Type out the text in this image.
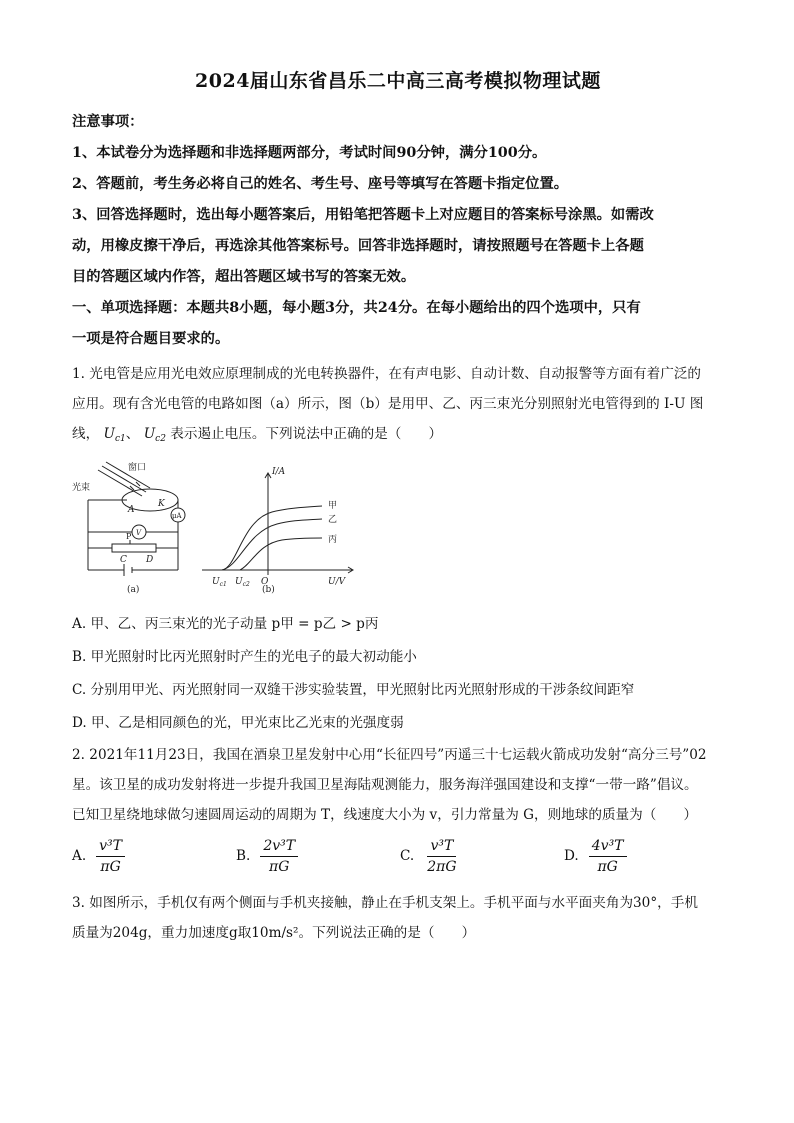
2024届山东省昌乐二中高三高考模拟物理试题

注意事项：

1、本试卷分为选择题和非选择题两部分，考试时间90分钟，满分100分。

2、答题前，考生务必将自己的姓名、考生号、座号等填写在答题卡指定位置。

3、回答选择题时，选出每小题答案后，用铅笔把答题卡上对应题目的答案标号涂黑。如需改

动，用橡皮擦干净后，再选涂其他答案标号。回答非选择题时，请按照题号在答题卡上各题

目的答题区域内作答，超出答题区域书写的答案无效。

一、单项选择题：本题共8小题，每小题3分，共24分。在每小题给出的四个选项中，只有

一项是符合题目要求的。

1. 光电管是应用光电效应原理制成的光电转换器件，在有声电影、自动计数、自动报警等方面有着广泛的

应用。现有含光电管的电路如图（a）所示，图（b）是用甲、乙、丙三束光分别照射光电管得到的 I-U 图

线， $U_{c1}$、 $U_{c2}$ 表示遏止电压。下列说法中正确的是（　　）

窗口
光束
A
K
μA
V
P
C D
(a)	(b)
I/A
U/V
甲
乙
丙
$U_{c1}$ $U_{c2}$ O

A. 甲、乙、丙三束光的光子动量 p甲 = p乙 > p丙

B. 甲光照射时比丙光照射时产生的光电子的最大初动能小

C. 分别用甲光、丙光照射同一双缝干涉实验装置，甲光照射比丙光照射形成的干涉条纹间距窄

D. 甲、乙是相同颜色的光，甲光束比乙光束的光强度弱

2. 2021年11月23日，我国在酒泉卫星发射中心用“长征四号”丙遥三十七运载火箭成功发射“高分三号”02

星。该卫星的成功发射将进一步提升我国卫星海陆观测能力，服务海洋强国建设和支撑“一带一路”倡议。

已知卫星绕地球做匀速圆周运动的周期为 T，线速度大小为 v，引力常量为 G，则地球的质量为（　　）

A. $\frac{\text{v³T}}{\pi G}$	B. $\frac{\text{2v³T}}{\pi G}$	C. $\frac{\text{v³T}}{2\pi G}$	D. $\frac{\text{4v³T}}{\pi G}$

3. 如图所示，手机仅有两个侧面与手机夹接触，静止在手机支架上。手机平面与水平面夹角为30°，手机

质量为204g，重力加速度g取10m/s²。下列说法正确的是（　　）
